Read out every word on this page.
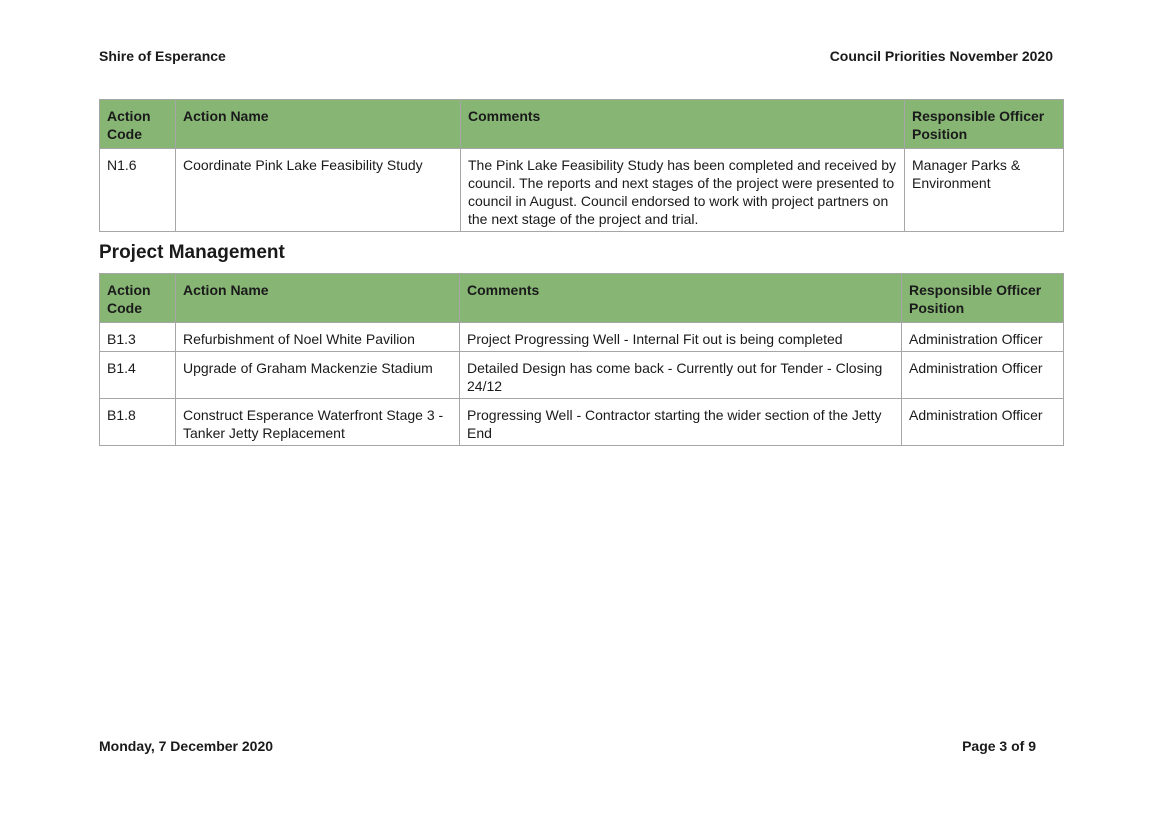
Shire of Esperance	Council Priorities November 2020
Action Code	Action Name	Comments	Responsible Officer Position
N1.6	Coordinate Pink Lake Feasibility Study	The Pink Lake Feasibility Study has been completed and received by council. The reports and next stages of the project were presented to council in August. Council endorsed to work with project partners on the next stage of the project and trial.	Manager Parks & Environment
Project Management
Action Code	Action Name	Comments	Responsible Officer Position
B1.3	Refurbishment of Noel White Pavilion	Project Progressing Well - Internal Fit out is being completed	Administration Officer
B1.4	Upgrade of Graham Mackenzie Stadium	Detailed Design has come back - Currently out for Tender - Closing 24/12	Administration Officer
B1.8	Construct Esperance Waterfront Stage 3 - Tanker Jetty Replacement	Progressing Well - Contractor starting the wider section of the Jetty End	Administration Officer
Monday, 7 December 2020	Page 3 of 9
